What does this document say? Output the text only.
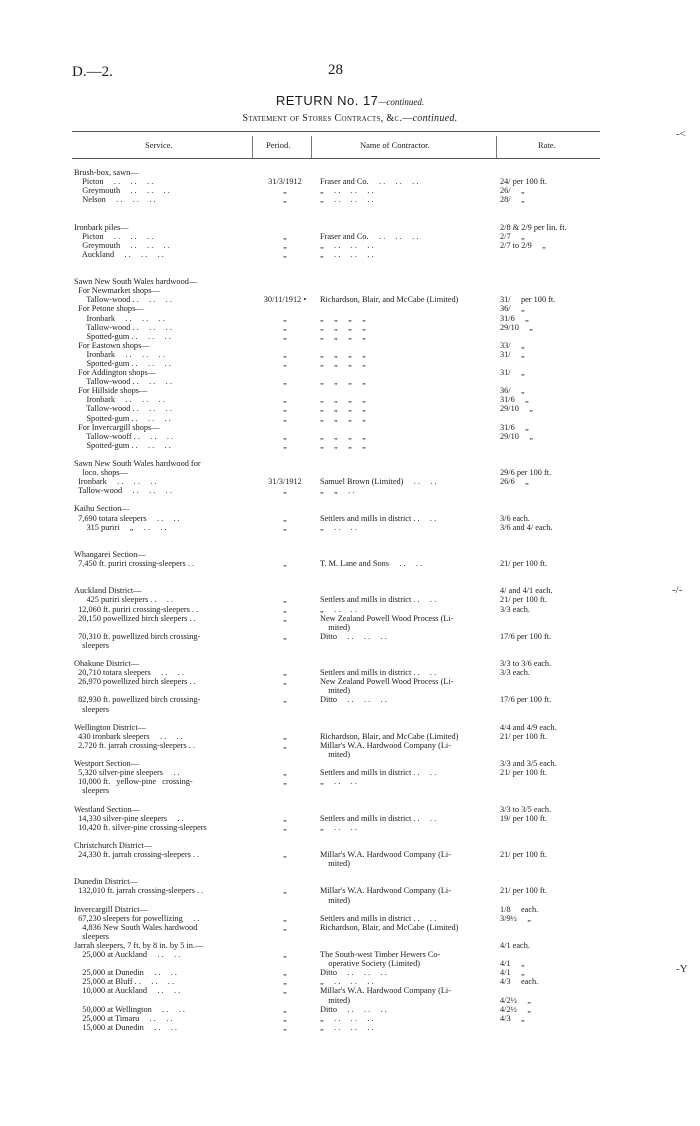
D.—2.	28
RETURN No. 17—continued.
Statement of Stores Contracts, &c.—continued.
Service.	Period.	Name of Contractor.	Rate.
Brush-box, sawn—			
Picton     . .     . .     . .	31/3/1912	Fraser and Co.     . .     . .     . .	24/ per 100 ft.
Greymouth     . .     . .     . .	„	„     . .     . .     . .	26/     „
Nelson     . .     . .     . .	„	„     . .     . .     . .	28/     „

Ironbark piles—			2/8 & 2/9 per lin. ft.
Picton     . .     . .     . .	„	Fraser and Co.     . .     . .     . .	2/7     „
Greymouth     . .     . .     . .	„	„     . .     . .     . .	2/7 to 2/9     „
Auckland     . .     . .     . .	„	„     . .     . .     . .	

Sawn New South Wales hardwood—			
For Newmarket shops—			
Tallow-wood . .     . .     . .	30/11/1912 •	Richardson, Blair, and McCabe (Limited)	31/     per 100 ft.
For Petone shops—			36/     „
Ironbark     . .     . .     . .	„	„     „     „     „	31/6     „
Tallow-wood . .     . .     . .	„	„     „     „     „	29/10     „
Spotted-gum . .     . .     . .	„	„     „     „     „	
For Eastown shops—			33/     „
Ironbark     . .     . .     . .	„	„     „     „     „	31/     „
Spotted-gum . .     . .     . .	„	„     „     „     „	
For Addington shops—			31/     „
Tallow-wood . .     . .     . .	„	„     „     „     „	
For Hillside shops—			36/     „
Ironbark     . .     . .     . .	„	„     „     „     „	31/6     „
Tallow-wood . .     . .     . .	„	„     „     „     „	29/10     „
Spotted-gum . .     . .     . .	„	„     „     „     „	
For Invercargill shops—			31/6     „
Tallow-wooff . .     . .     . .	„	„     „     „     „	29/10     „
Spotted-gum . .     . .     . .	„	„     „     „     „	

Sawn New South Wales hardwood for			
loco. shops—			29/6 per 100 ft.
Ironbark     . .     . .     . .	31/3/1912	Samuel Brown (Limited)     . .     . .	26/6     „
Tallow-wood     . .     . .     . .	„	„     „     . .	

Kaihu Section—			
7,690 totara sleepers     . .     . .	„	Settlers and mills in district . .     . .	3/6 each.
315 puriri     „     . .     . .	„	„     . .     . .	3/6 and 4/ each.

Whangarei Section—			
7,450 ft. puriri crossing-sleepers . .	„	T. M. Lane and Sons     . .     . .	21/ per 100 ft.

Auckland District—			4/ and 4/1 each.
425 puriri sleepers . .     . .	„	Settlers and mills in district . .     . .	21/ per 100 ft.
12,060 ft. puriri crossing-sleepers . .	„	„     . .     . .	3/3 each.
20,150 powellized birch sleepers . .	„	New Zealand Powell Wood Process (Li-	
		mited)	
70,310 ft. powellized birch crossing-	„	Ditto     . .     . .     . .	17/6 per 100 ft.
sleepers			

Ohakune District—			3/3 to 3/6 each.
20,710 totara sleepers     . .     . .	„	Settlers and mills in district . .     . .	3/3 each.
26,970 powellized birch sleepers . .	„	New Zealand Powell Wood Process (Li-	
		mited)	
82,930 ft. powellized birch crossing-	„	Ditto     . .     . .     . .	17/6 per 100 ft.
sleepers			

Wellington District—			4/4 and 4/9 each.
430 ironbark sleepers     . .     . .	„	Richardson, Blair, and McCabe (Limited)	21/ per 100 ft.
2,720 ft. jarrah crossing-sleepers . .	„	Millar's W.A. Hardwood Company (Li-	
		mited)	
Westport Section—			3/3 and 3/5 each.
5,320 silver-pine sleepers     . .	„	Settlers and mills in district . .     . .	21/ per 100 ft.
10,000 ft.   yellow-pine   crossing-	„	„     . .     . .	
sleepers			

Westland Section—			3/3 to 3/5 each.
14,330 silver-pine sleepers     . .	„	Settlers and mills in district . .     . .	19/ per 100 ft.
10,420 ft. silver-pine crossing-sleepers	„	„     . .     . .	

Christchurch District—			
24,330 ft. jarrah crossing-sleepers . .	„	Millar's W.A. Hardwood Company (Li-	21/ per 100 ft.
		mited)	

Dunedin District—			
132,010 ft. jarrah crossing-sleepers . .	„	Millar's W.A. Hardwood Company (Li-	21/ per 100 ft.
		mited)	
Invercargill District—			1/8     each.
67,230 sleepers for powellizing     . .	„	Settlers and mills in district . .     . .	3/9½     „
4,836 New South Wales hardwood	„	Richardson, Blair, and McCabe (Limited)	
sleepers			
Jarrah sleepers, 7 ft. by 8 in. by 5 in.—			4/1 each.
25,000 at Auckland     . .     . .	„	The South-west Timber Hewers Co-	
		operative Society (Limited)	4/1     „
25,000 at Dunedin     . .     . .	„	Ditto     . .     . .     . .	4/1     „
25,000 at Bluff . .     . .     . .	„	„     . .     . .     . .	4/3     each.
10,000 at Auckland     . .     . .	„	Millar's W.A. Hardwood Company (Li-	
		mited)	4/2½     „
50,000 at Wellington     . .     . .	„	Ditto     . .     . .     . .	4/2½     „
25,000 at Timaru     . .     . .	„	„     . .     . .     . .	4/3     „
15,000 at Dunedin     . .     . .	„	„     . .     . .     . .	
-<
-/-
-Y
